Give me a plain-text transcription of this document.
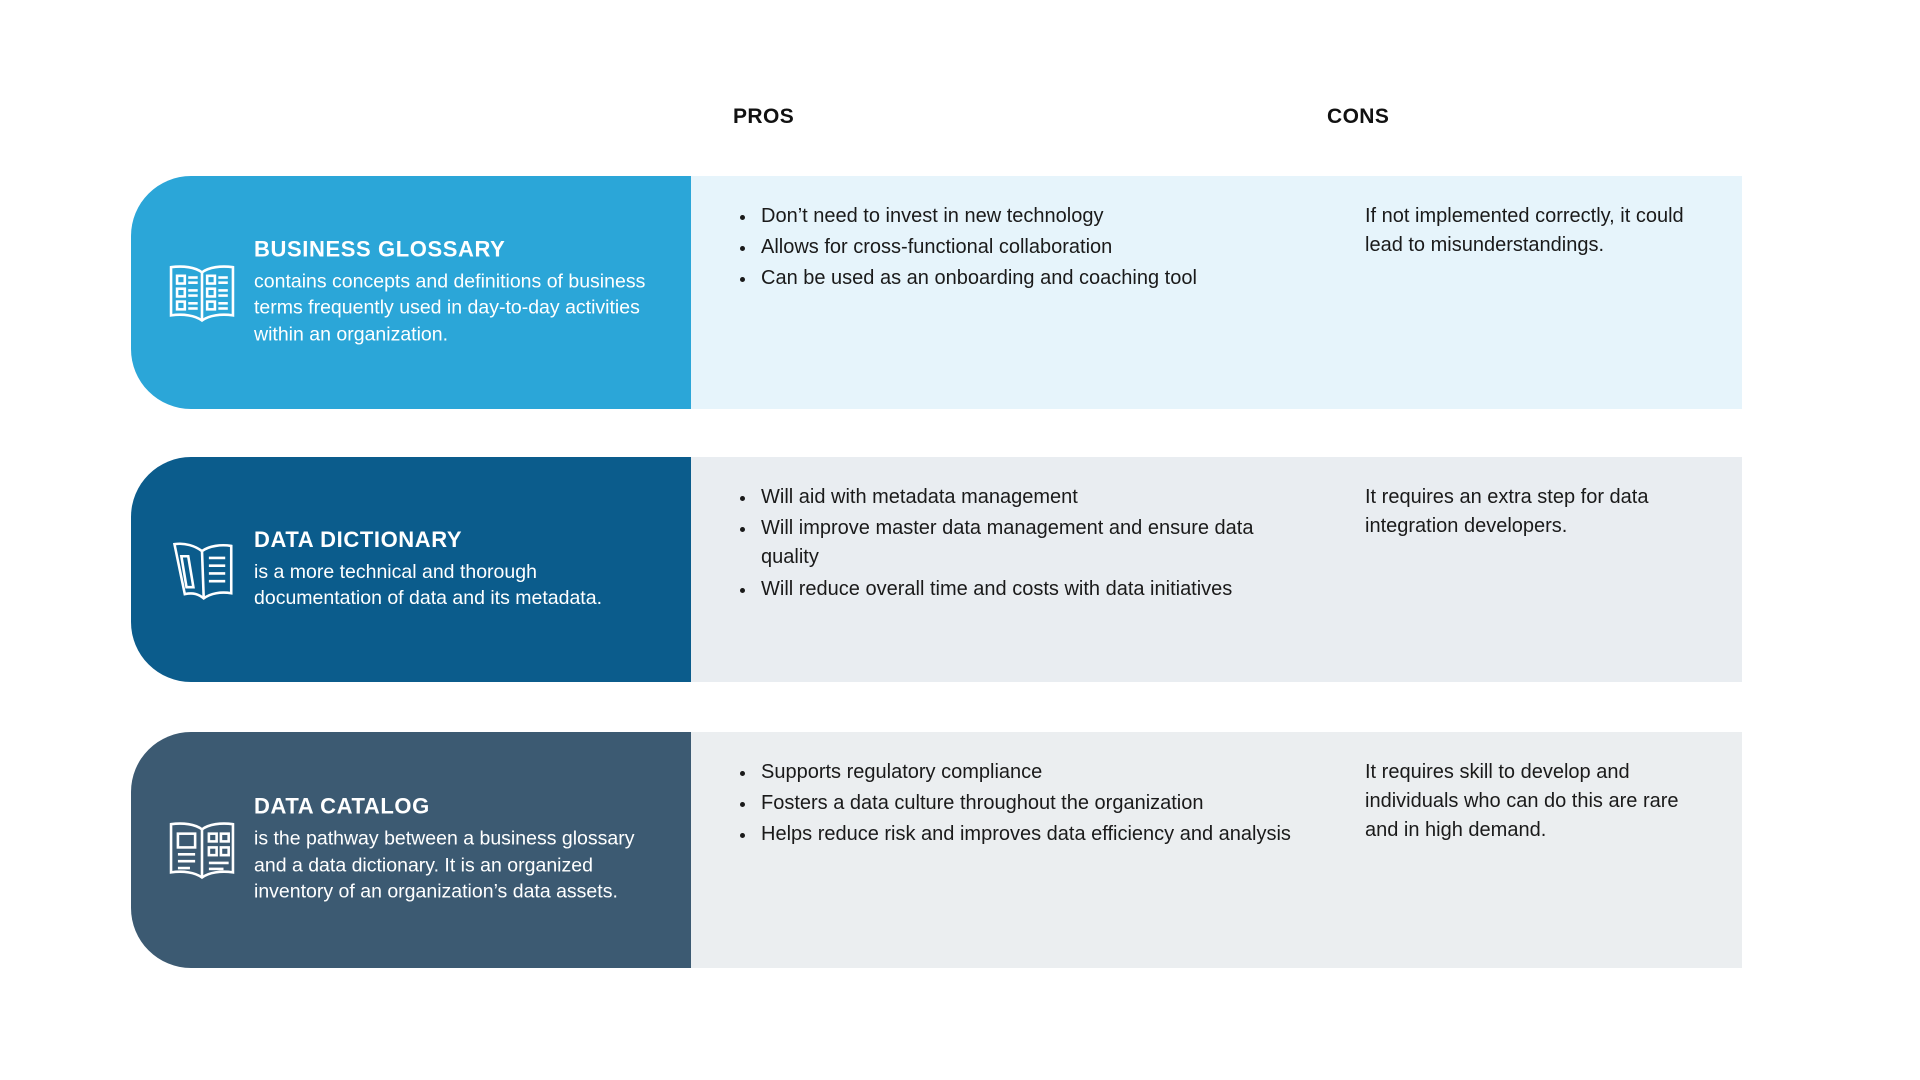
PROS	CONS

BUSINESS GLOSSARY

contains concepts and definitions of business terms frequently used in day-to-day activities within an organization.

• Don’t need to invest in new technology
• Allows for cross-functional collaboration
• Can be used as an onboarding and coaching tool

If not implemented correctly, it could lead to misunderstandings.

DATA DICTIONARY

is a more technical and thorough documentation of data and its metadata.

• Will aid with metadata management
• Will improve master data management and ensure data quality
• Will reduce overall time and costs with data initiatives

It requires an extra step for data integration developers.

DATA CATALOG

is the pathway between a business glossary and a data dictionary. It is an organized inventory of an organization’s data assets.

• Supports regulatory compliance
• Fosters a data culture throughout the organization
• Helps reduce risk and improves data efficiency and analysis

It requires skill to develop and individuals who can do this are rare and in high demand.
